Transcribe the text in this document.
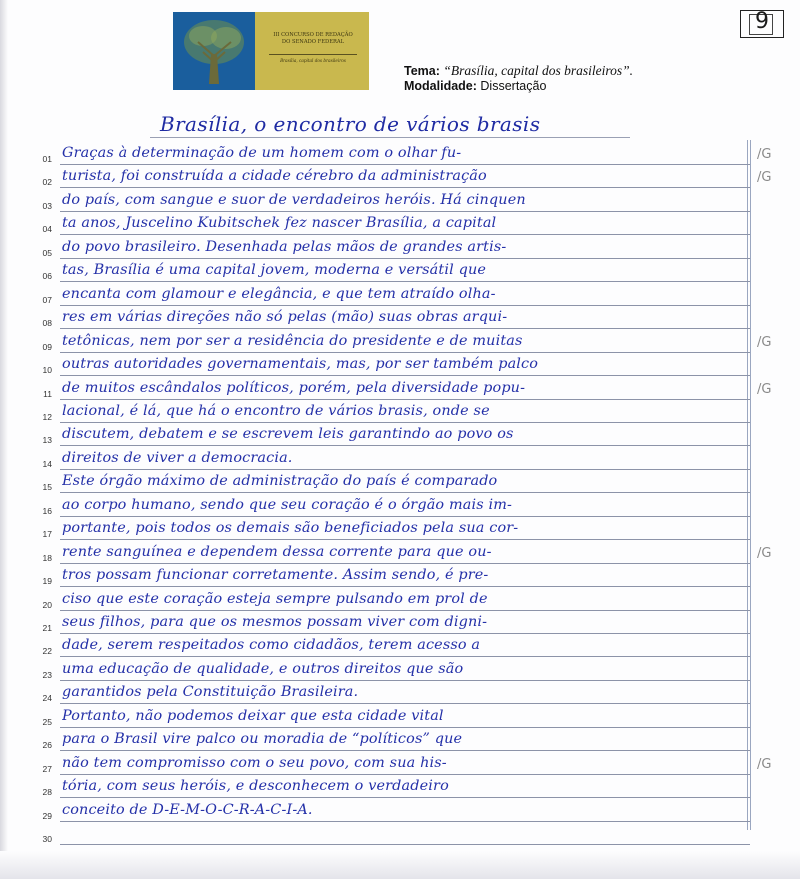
III CONCURSO DE REDAÇÃO
DO SENADO FEDERAL
Brasília, capital dos brasileiros
Tema: “Brasília, capital dos brasileiros”.
Modalidade: Dissertação
9
Brasília, o encontro de vários brasis
01 Graças à determinação de um homem com o olhar fu-	/G
02 turista, foi construída a cidade cérebro da administração	/G
03 do país, com sangue e suor de verdadeiros heróis. Há cinquen
04 ta anos, Juscelino Kubitschek fez nascer Brasília, a capital
05 do povo brasileiro. Desenhada pelas mãos de grandes artis-
06 tas, Brasília é uma capital jovem, moderna e versátil que
07 encanta com glamour e elegância, e que tem atraído olha-
08 res em várias direções não só pelas (mão) suas obras arqui-
09 tetônicas, nem por ser a residência do presidente e de muitas	/G
10 outras autoridades governamentais, mas, por ser também palco
11 de muitos escândalos políticos, porém, pela diversidade popu-	/G
12 lacional, é lá, que há o encontro de vários brasis, onde se
13 discutem, debatem e se escrevem leis garantindo ao povo os
14 direitos de viver a democracia.
15 Este órgão máximo de administração do país é comparado
16 ao corpo humano, sendo que seu coração é o órgão mais im-
17 portante, pois todos os demais são beneficiados pela sua cor-
18 rente sanguínea e dependem dessa corrente para que ou-	/G
19 tros possam funcionar corretamente. Assim sendo, é pre-
20 ciso que este coração esteja sempre pulsando em prol de
21 seus filhos, para que os mesmos possam viver com digni-
22 dade, serem respeitados como cidadãos, terem acesso a
23 uma educação de qualidade, e outros direitos que são
24 garantidos pela Constituição Brasileira.
25 Portanto, não podemos deixar que esta cidade vital
26 para o Brasil vire palco ou moradia de “políticos” que
27 não tem compromisso com o seu povo, com sua his-	/G
28 tória, com seus heróis, e desconhecem o verdadeiro
29 conceito de D-E-M-O-C-R-A-C-I-A.
30
